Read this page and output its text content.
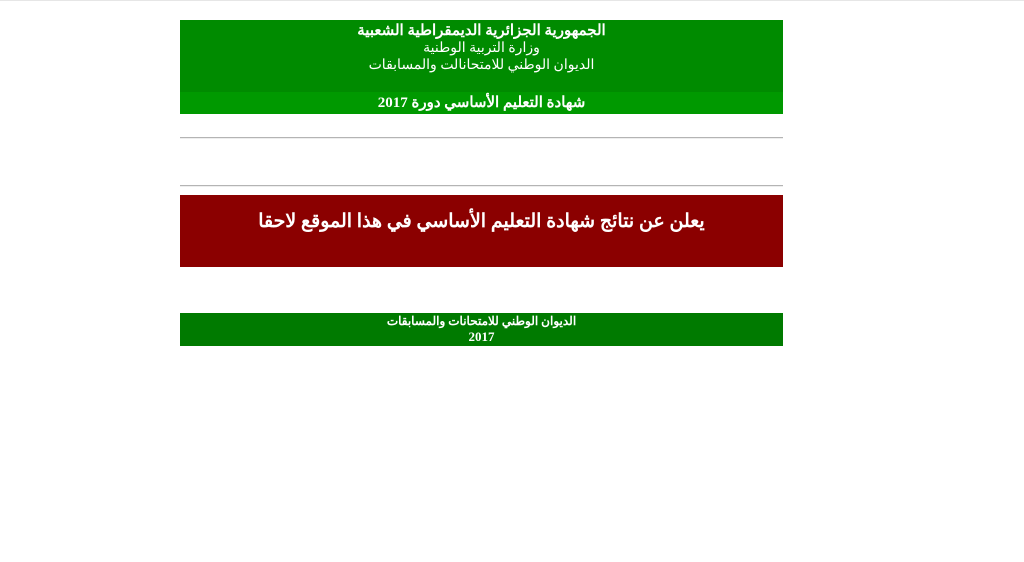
الجمهورية الجزائرية الديمقراطية الشعبية
وزارة التربية الوطنية
الديوان الوطني للامتحانالت والمسابقات
شهادة التعليم الأساسي دورة 2017
يعلن عن نتائج شهادة التعليم الأساسي في هذا الموقع لاحقا
الديوان الوطني للامتحانات والمسابقات
2017
